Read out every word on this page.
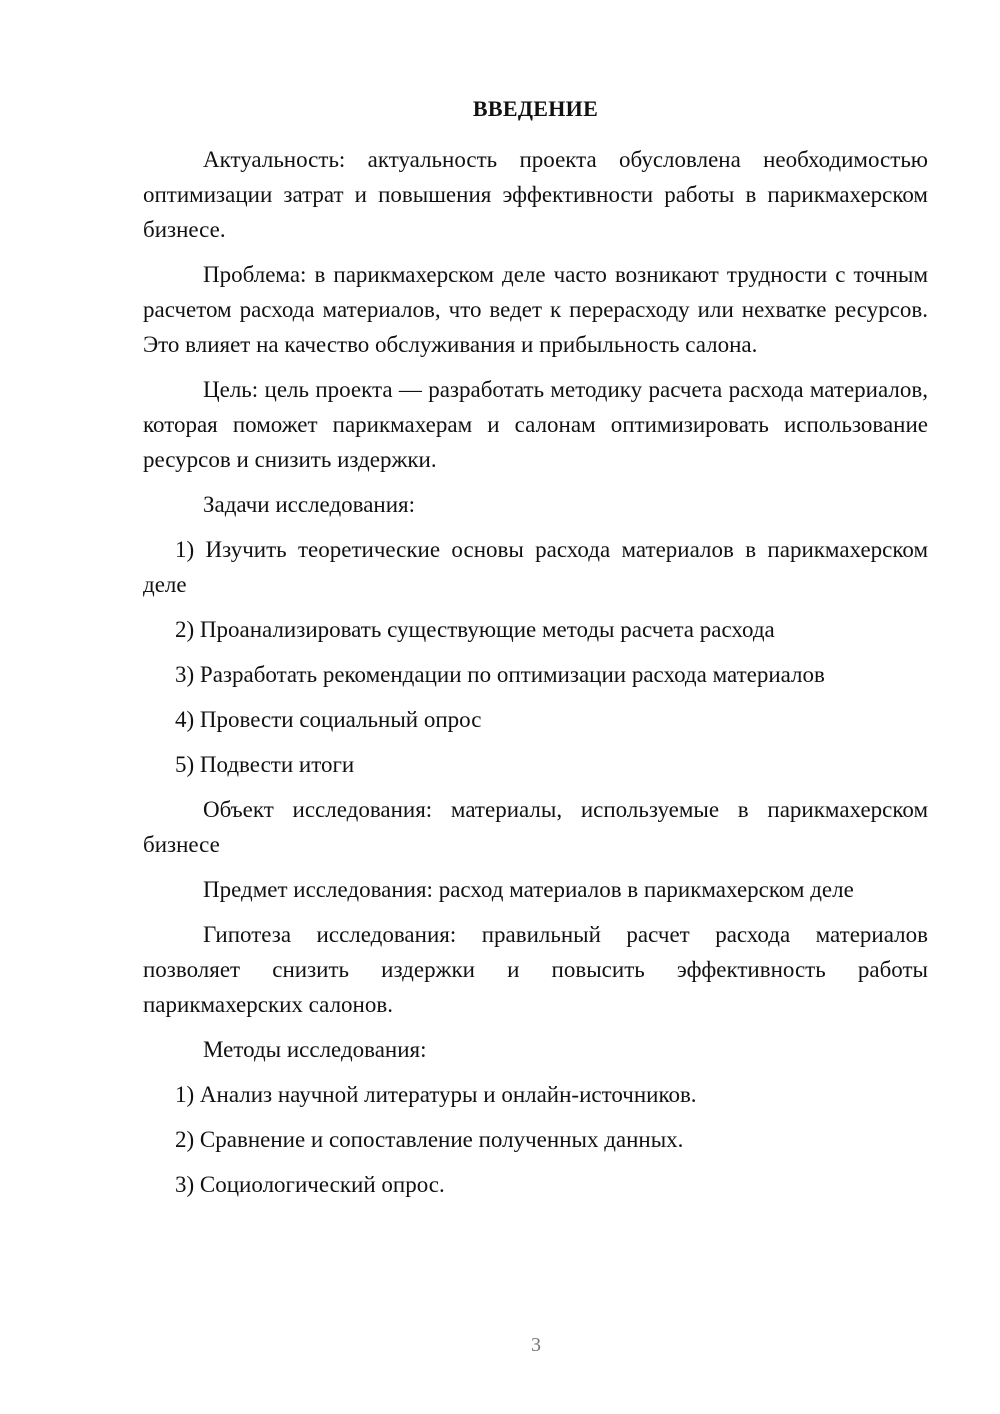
ВВЕДЕНИЕ

Актуальность: актуальность проекта обусловлена необходимостью оптимизации затрат и повышения эффективности работы в парикмахерском бизнесе.

Проблема: в парикмахерском деле часто возникают трудности с точным расчетом расхода материалов, что ведет к перерасходу или нехватке ресурсов. Это влияет на качество обслуживания и прибыльность салона.

Цель: цель проекта — разработать методику расчета расхода материалов, которая поможет парикмахерам и салонам оптимизировать использование ресурсов и снизить издержки.

Задачи исследования:

1) Изучить теоретические основы расхода материалов в парикмахерском деле

2) Проанализировать существующие методы расчета расхода

3) Разработать рекомендации по оптимизации расхода материалов

4) Провести социальный опрос

5) Подвести итоги

Объект исследования: материалы, используемые в парикмахерском бизнесе

Предмет исследования: расход материалов в парикмахерском деле

Гипотеза исследования: правильный расчет расхода материалов позволяет снизить издержки и повысить эффективность работы парикмахерских салонов.

Методы исследования:

1) Анализ научной литературы и онлайн-источников.

2) Сравнение и сопоставление полученных данных.

3) Социологический опрос.

3
